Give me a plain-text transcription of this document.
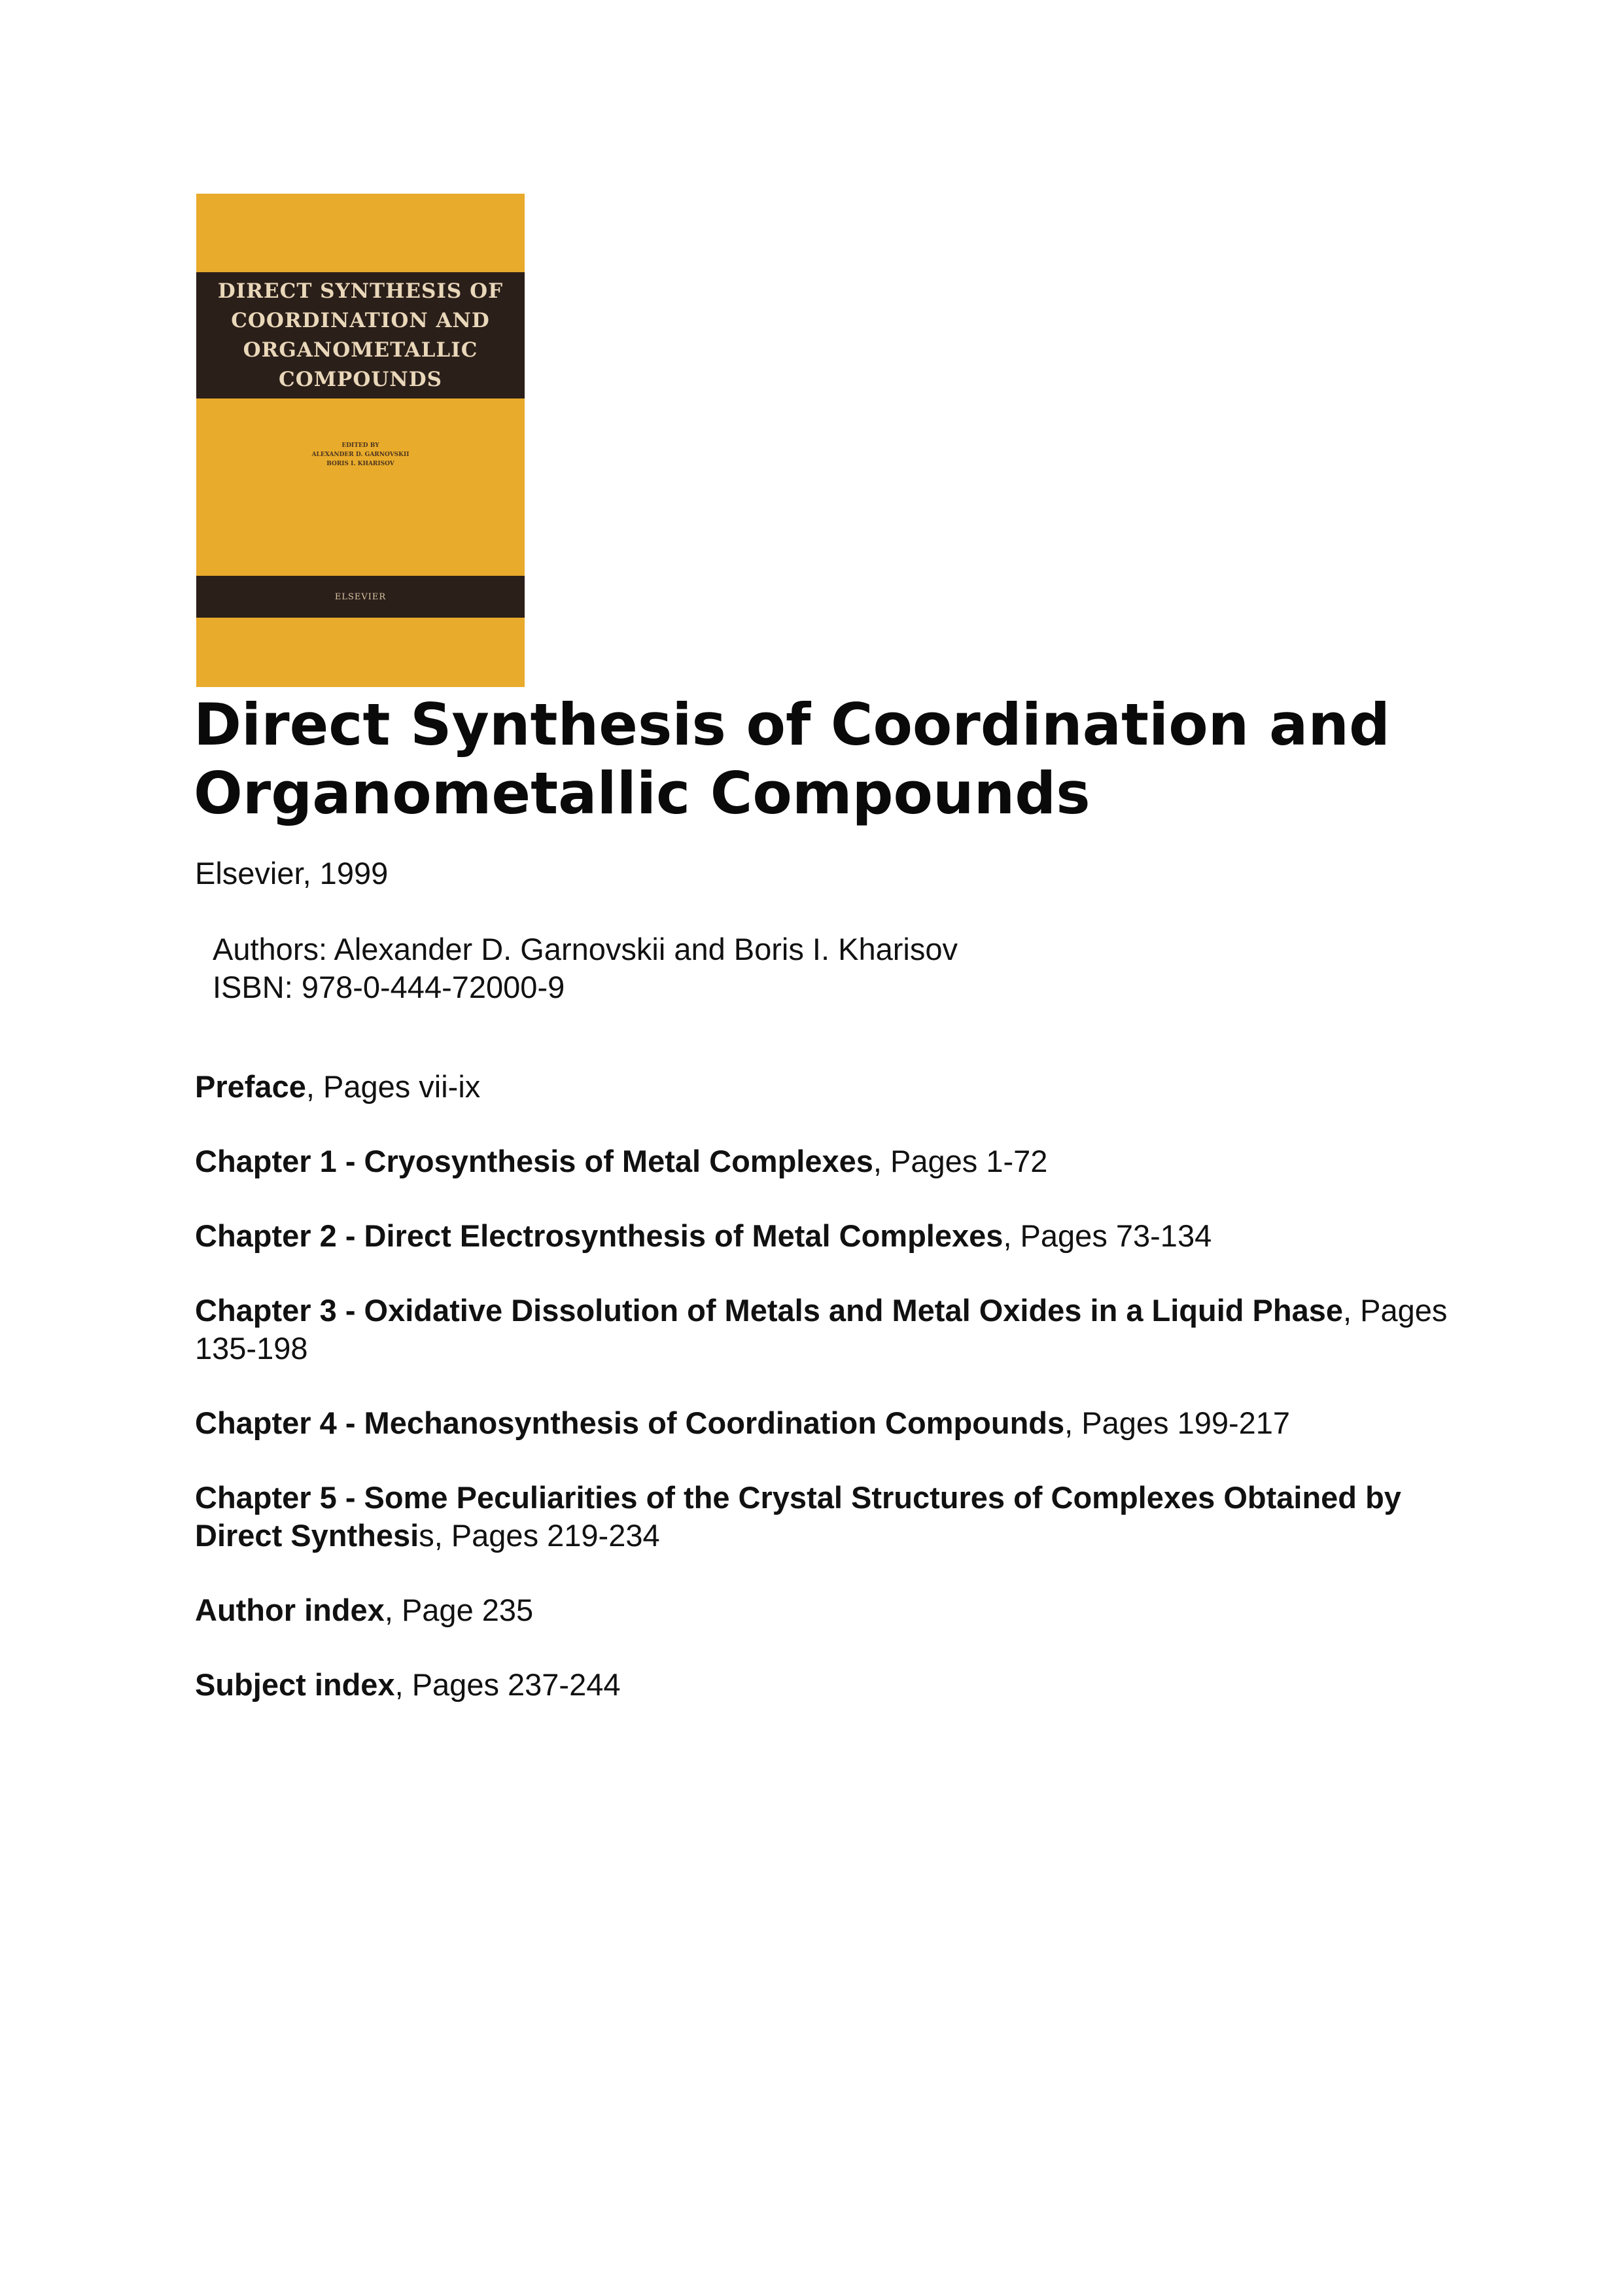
DIRECT SYNTHESIS OF
COORDINATION AND
ORGANOMETALLIC
COMPOUNDS

EDITED BY
ALEXANDER D. GARNOVSKII
BORIS I. KHARISOV
ELSEVIER
Direct Synthesis of Coordination and
Organometallic Compounds

Elsevier, 1999

Authors: Alexander D. Garnovskii and Boris I. Kharisov
ISBN: 978-0-444-72000-9
Preface, Pages vii-ix
Chapter 1 - Cryosynthesis of Metal Complexes, Pages 1-72
Chapter 2 - Direct Electrosynthesis of Metal Complexes, Pages 73-134
Chapter 3 - Oxidative Dissolution of Metals and Metal Oxides in a Liquid Phase, Pages 135-198
Chapter 4 - Mechanosynthesis of Coordination Compounds, Pages 199-217
Chapter 5 - Some Peculiarities of the Crystal Structures of Complexes Obtained by Direct Synthesis, Pages 219-234
Author index, Page 235
Subject index, Pages 237-244
